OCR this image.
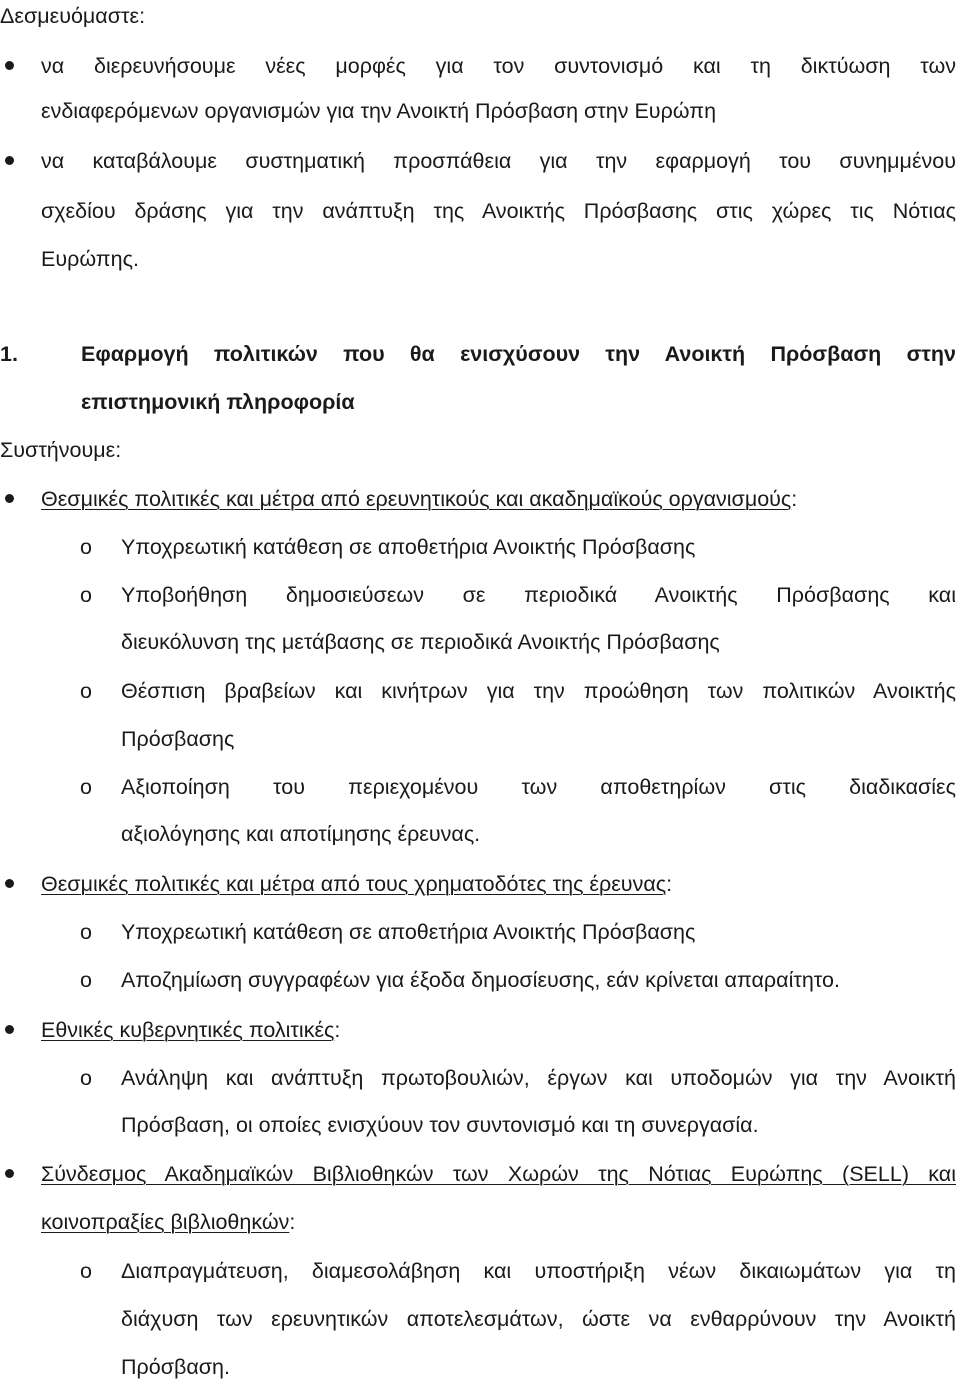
Δεσμευόμαστε:
να διερευνήσουμε νέες μορφές για τον συντονισμό και τη δικτύωση των
ενδιαφερόμενων οργανισμών για την Ανοικτή Πρόσβαση στην Ευρώπη
να καταβάλουμε συστηματική προσπάθεια για την εφαρμογή του συνημμένου
σχεδίου δράσης για την ανάπτυξη της Ανοικτής Πρόσβασης στις χώρες τις Νότιας
Ευρώπης.
1.	Εφαρμογή πολιτικών που θα ενισχύσουν την Ανοικτή Πρόσβαση στην
επιστημονική πληροφορία
Συστήνουμε:
Θεσμικές πολιτικές και μέτρα από ερευνητικούς και ακαδημαϊκούς οργανισμούς:
o Υποχρεωτική κατάθεση σε αποθετήρια Ανοικτής Πρόσβασης
o Υποβοήθηση δημοσιεύσεων σε περιοδικά Ανοικτής Πρόσβασης και
διευκόλυνση της μετάβασης σε περιοδικά Ανοικτής Πρόσβασης
o Θέσπιση βραβείων και κινήτρων για την προώθηση των πολιτικών Ανοικτής
Πρόσβασης
o Αξιοποίηση του περιεχομένου των αποθετηρίων στις διαδικασίες
αξιολόγησης και αποτίμησης έρευνας.
Θεσμικές πολιτικές και μέτρα από τους χρηματοδότες της έρευνας:
o Υποχρεωτική κατάθεση σε αποθετήρια Ανοικτής Πρόσβασης
o Αποζημίωση συγγραφέων για έξοδα δημοσίευσης, εάν κρίνεται απαραίτητο.
Εθνικές κυβερνητικές πολιτικές:
o Ανάληψη και ανάπτυξη πρωτοβουλιών, έργων και υποδομών για την Ανοικτή
Πρόσβαση, οι οποίες ενισχύουν τον συντονισμό και τη συνεργασία.
Σύνδεσμος Ακαδημαϊκών Βιβλιοθηκών των Χωρών της Νότιας Ευρώπης (SELL) και
κοινοπραξίες βιβλιοθηκών:
o Διαπραγμάτευση, διαμεσολάβηση και υποστήριξη νέων δικαιωμάτων για τη
διάχυση των ερευνητικών αποτελεσμάτων, ώστε να ενθαρρύνουν την Ανοικτή
Πρόσβαση.
